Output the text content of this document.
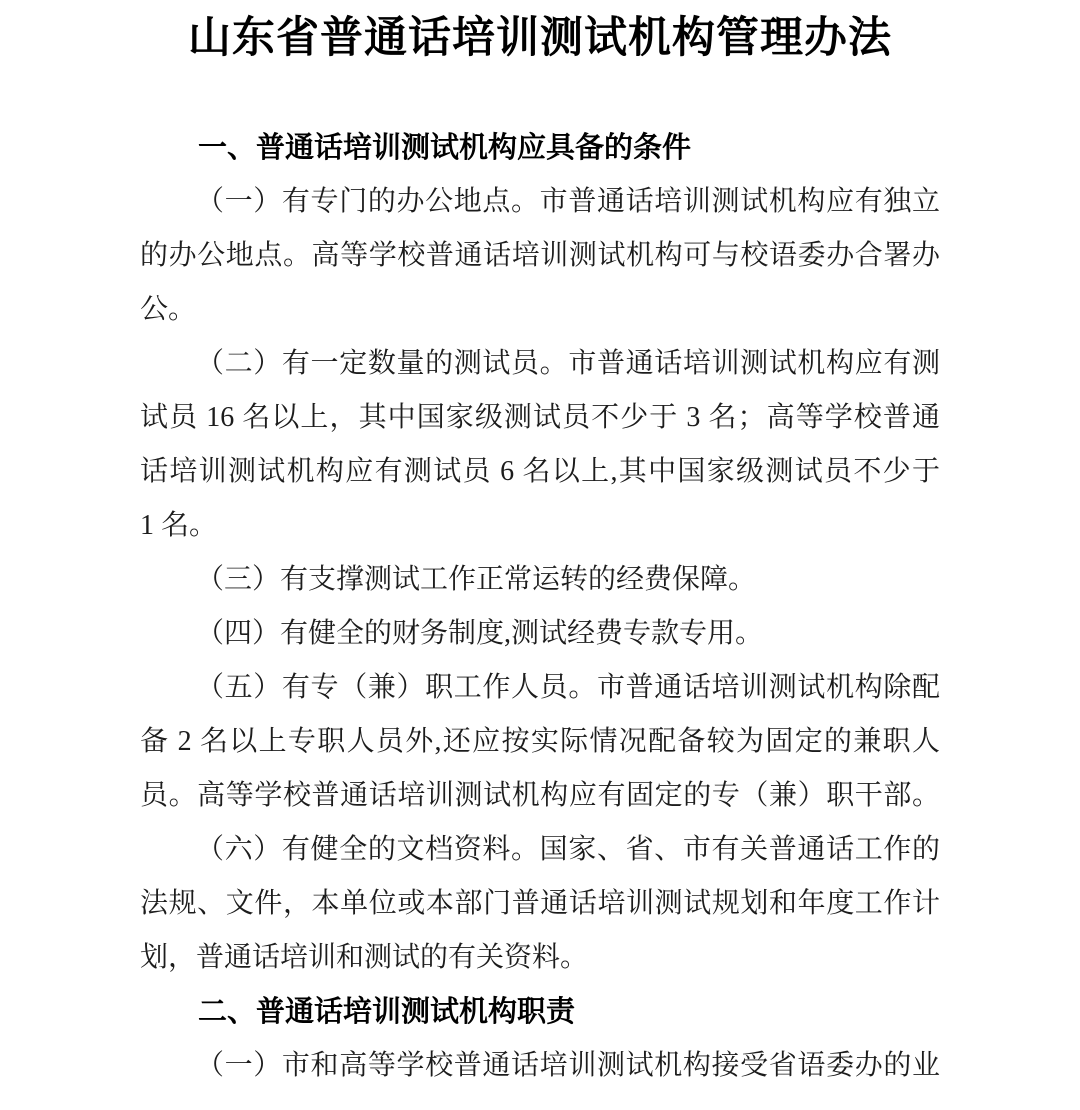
山东省普通话培训测试机构管理办法
一、普通话培训测试机构应具备的条件
（一）有专门的办公地点。市普通话培训测试机构应有独立
的办公地点。高等学校普通话培训测试机构可与校语委办合署办
公。
（二）有一定数量的测试员。市普通话培训测试机构应有测
试员 16 名以上，其中国家级测试员不少于 3 名；高等学校普通
话培训测试机构应有测试员 6 名以上,其中国家级测试员不少于
1 名。
（三）有支撑测试工作正常运转的经费保障。
（四）有健全的财务制度,测试经费专款专用。
（五）有专（兼）职工作人员。市普通话培训测试机构除配
备 2 名以上专职人员外,还应按实际情况配备较为固定的兼职人
员。高等学校普通话培训测试机构应有固定的专（兼）职干部。
（六）有健全的文档资料。国家、省、市有关普通话工作的
法规、文件，本单位或本部门普通话培训测试规划和年度工作计
划，普通话培训和测试的有关资料。
二、普通话培训测试机构职责
（一）市和高等学校普通话培训测试机构接受省语委办的业
